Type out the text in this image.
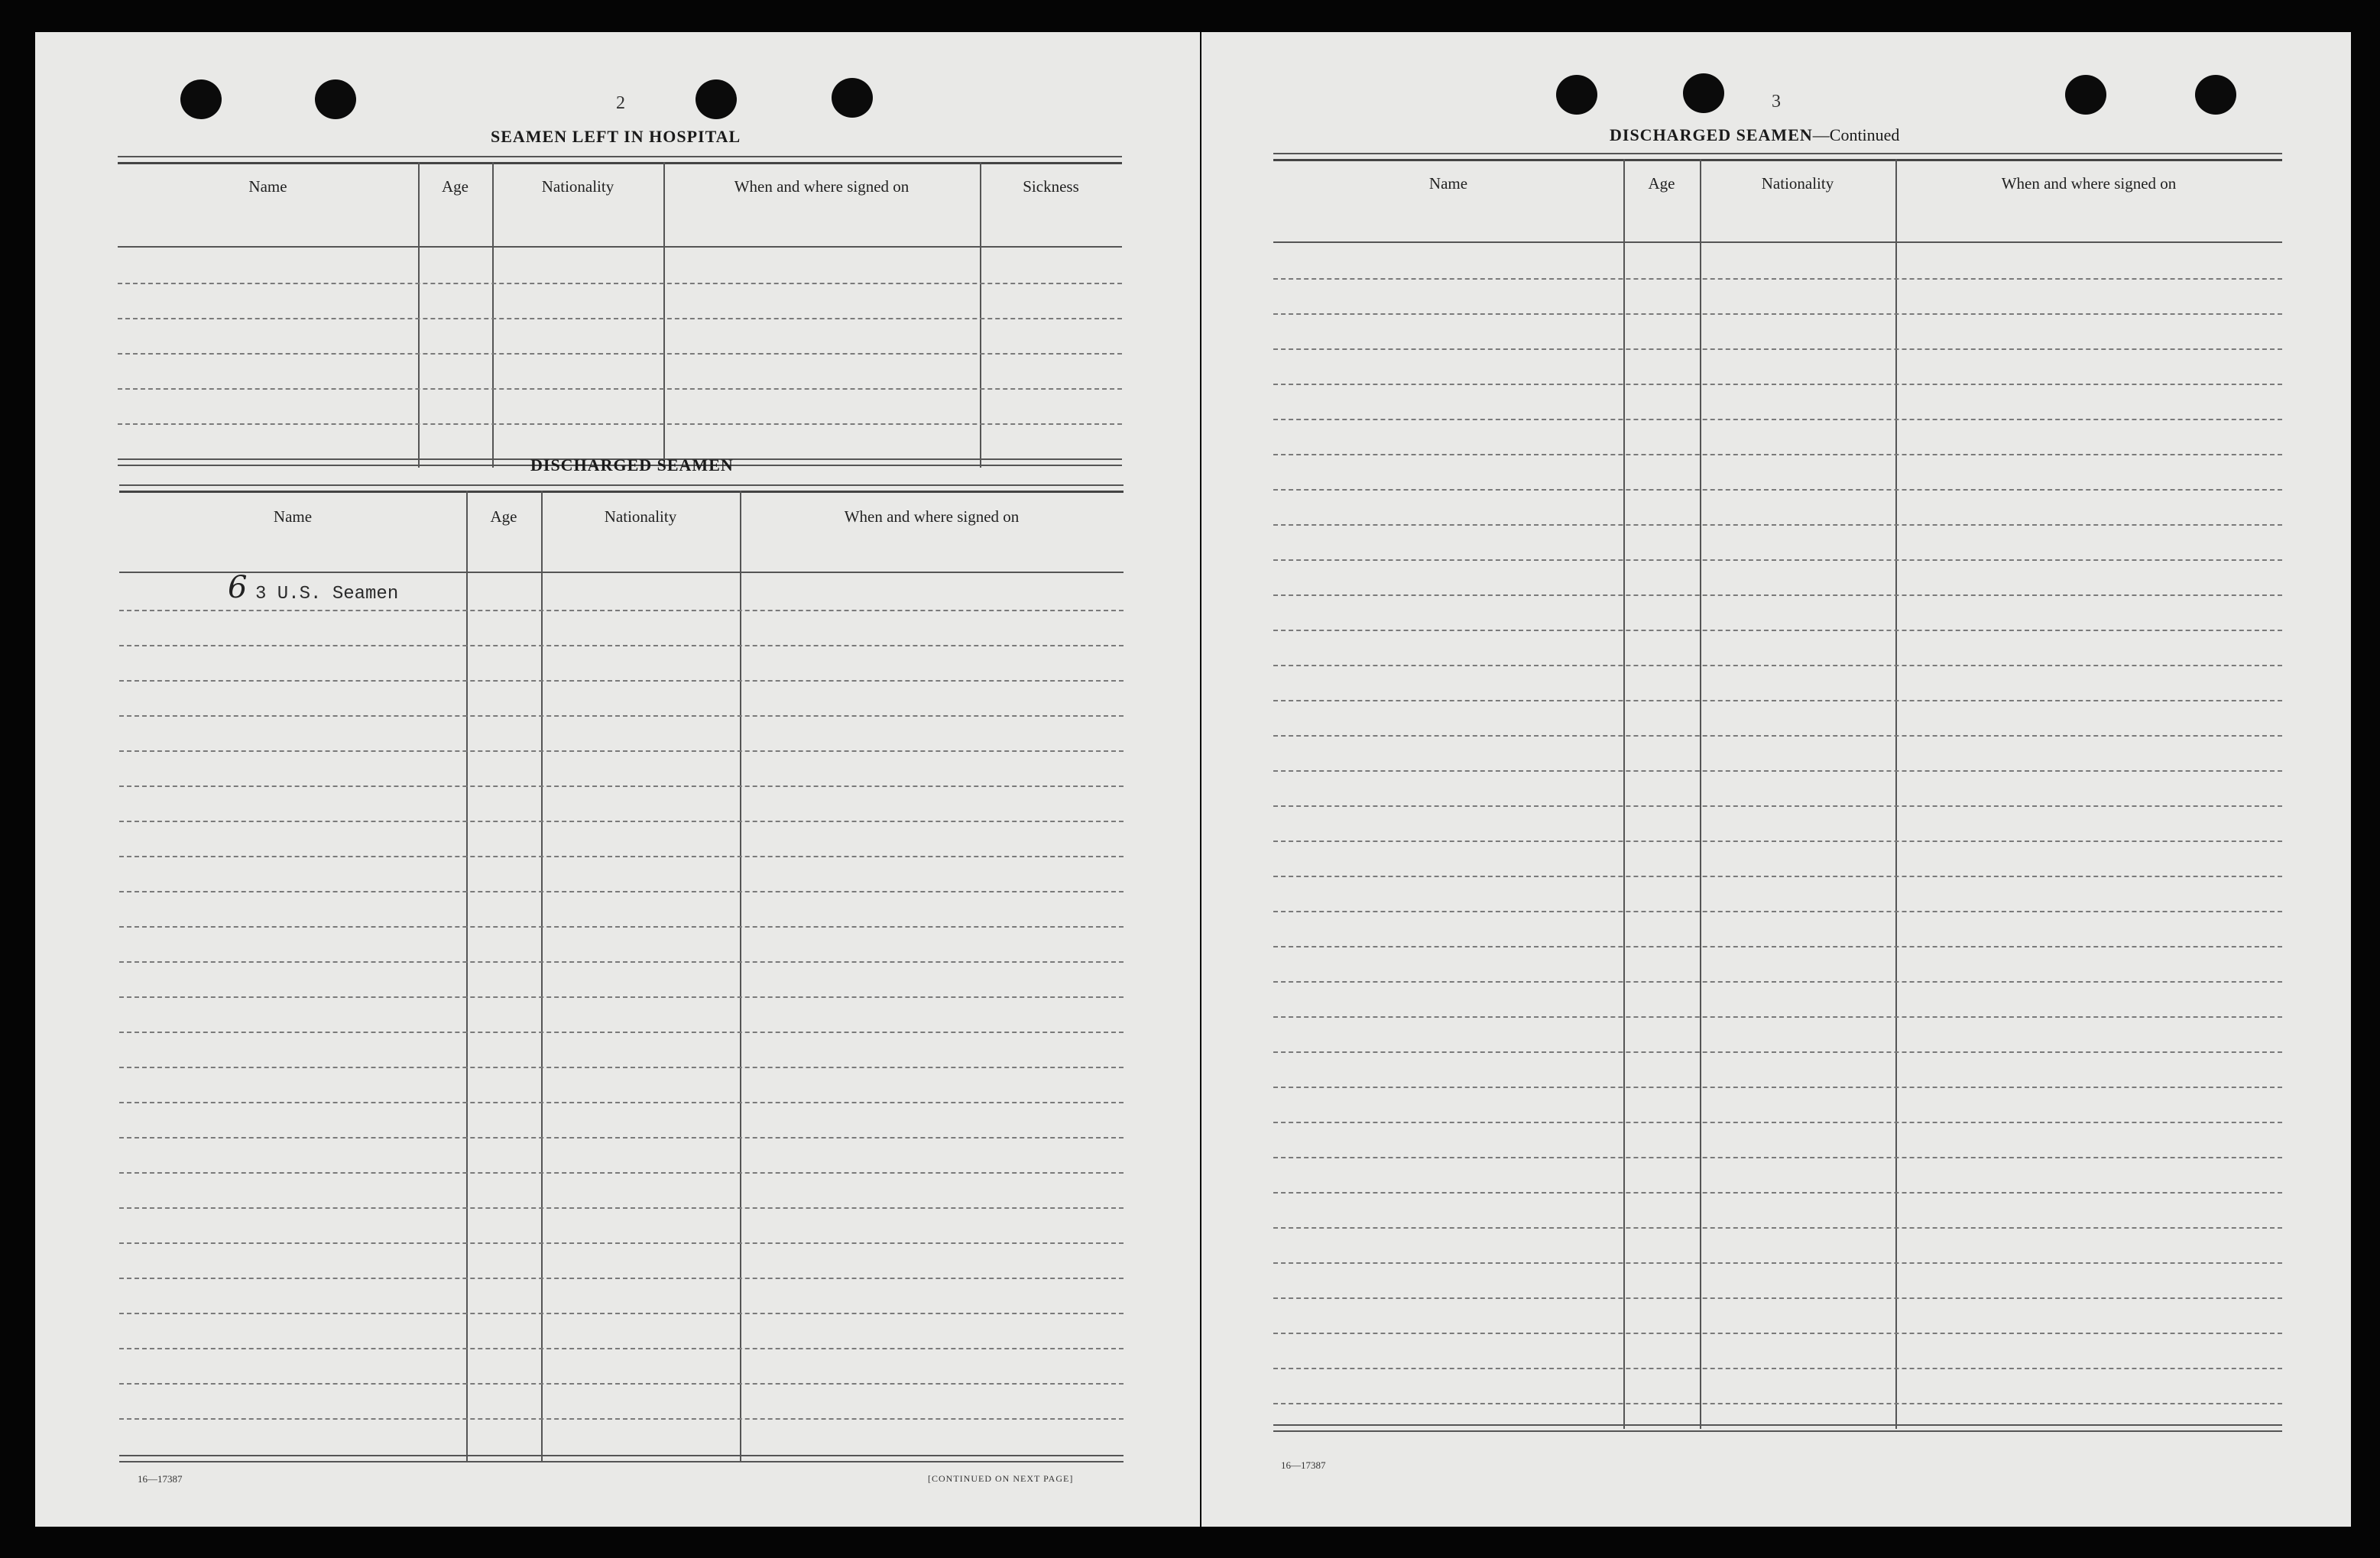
2
SEAMEN LEFT IN HOSPITAL
Name	Age	Nationality	When and where signed on	Sickness
DISCHARGED SEAMEN
Name	Age	Nationality	When and where signed on
6 3 U.S. Seamen
16—17387	[CONTINUED ON NEXT PAGE]
3
DISCHARGED SEAMEN—Continued
Name	Age	Nationality	When and where signed on
16—17387
